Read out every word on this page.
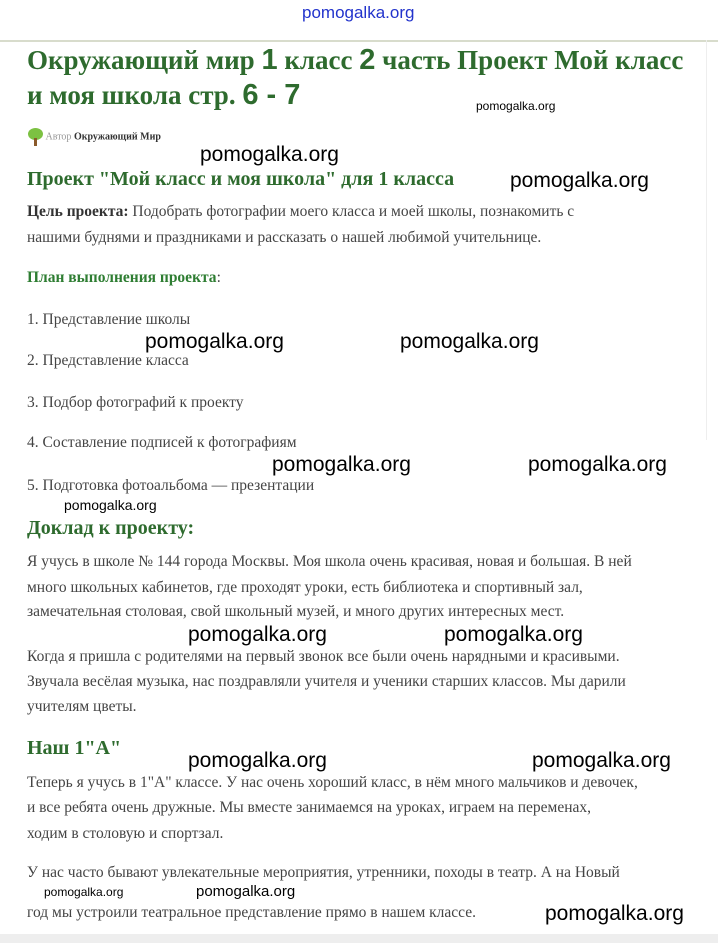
pomogalka.org
Окружающий мир 1 класс 2 часть Проект Мой класс
и моя школа стр. 6 - 7
Автор Окружающий Мир
Проект "Мой класс и моя школа" для 1 класса
Цель проекта: Подобрать фотографии моего класса и моей школы, познакомить с
нашими буднями и праздниками и рассказать о нашей любимой учительнице.
План выполнения проекта:
1. Представление школы
2. Представление класса
3. Подбор фотографий к проекту
4. Составление подписей к фотографиям
5. Подготовка фотоальбома — презентации
Доклад к проекту:
Я учусь в школе № 144 города Москвы. Моя школа очень красивая, новая и большая. В ней
много школьных кабинетов, где проходят уроки, есть библиотека и спортивный зал,
замечательная столовая, свой школьный музей, и много других интересных мест.
Когда я пришла с родителями на первый звонок все были очень нарядными и красивыми.
Звучала весёлая музыка, нас поздравляли учителя и ученики старших классов. Мы дарили
учителям цветы.
Наш 1"А"
Теперь я учусь в 1"А" классе. У нас очень хороший класс, в нём много мальчиков и девочек,
и все ребята очень дружные. Мы вместе занимаемся на уроках, играем на переменах,
ходим в столовую и спортзал.
У нас часто бывают увлекательные мероприятия, утренники, походы в театр. А на Новый
год мы устроили театральное представление прямо в нашем классе.
pomogalka.org
pomogalka.org
pomogalka.org
pomogalka.org	pomogalka.org
pomogalka.org	pomogalka.org
pomogalka.org
pomogalka.org	pomogalka.org
pomogalka.org	pomogalka.org
pomogalka.org	pomogalka.org
pomogalka.org
